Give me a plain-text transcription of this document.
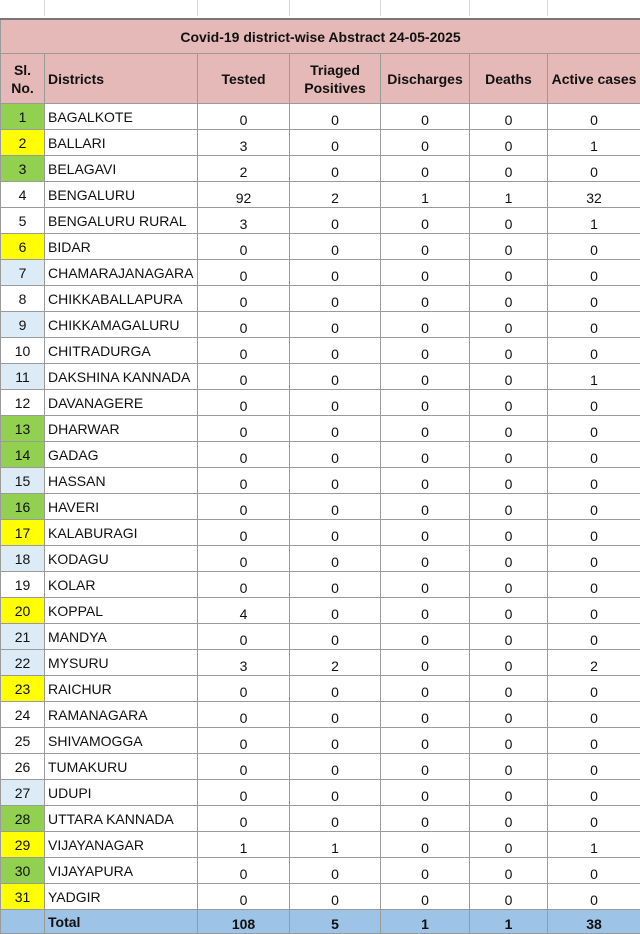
Covid-19 district-wise Abstract 24-05-2025						
Sl. No.	Districts	Tested	Triaged Positives	Discharges	Deaths	Active cases
1	BAGALKOTE	0	0	0	0	0
2	BALLARI	3	0	0	0	1
3	BELAGAVI	2	0	0	0	0
4	BENGALURU	92	2	1	1	32
5	BENGALURU RURAL	3	0	0	0	1
6	BIDAR	0	0	0	0	0
7	CHAMARAJANAGARA	0	0	0	0	0
8	CHIKKABALLAPURA	0	0	0	0	0
9	CHIKKAMAGALURU	0	0	0	0	0
10	CHITRADURGA	0	0	0	0	0
11	DAKSHINA KANNADA	0	0	0	0	1
12	DAVANAGERE	0	0	0	0	0
13	DHARWAR	0	0	0	0	0
14	GADAG	0	0	0	0	0
15	HASSAN	0	0	0	0	0
16	HAVERI	0	0	0	0	0
17	KALABURAGI	0	0	0	0	0
18	KODAGU	0	0	0	0	0
19	KOLAR	0	0	0	0	0
20	KOPPAL	4	0	0	0	0
21	MANDYA	0	0	0	0	0
22	MYSURU	3	2	0	0	2
23	RAICHUR	0	0	0	0	0
24	RAMANAGARA	0	0	0	0	0
25	SHIVAMOGGA	0	0	0	0	0
26	TUMAKURU	0	0	0	0	0
27	UDUPI	0	0	0	0	0
28	UTTARA KANNADA	0	0	0	0	0
29	VIJAYANAGAR	1	1	0	0	1
30	VIJAYAPURA	0	0	0	0	0
31	YADGIR	0	0	0	0	0
	Total	108	5	1	1	38
